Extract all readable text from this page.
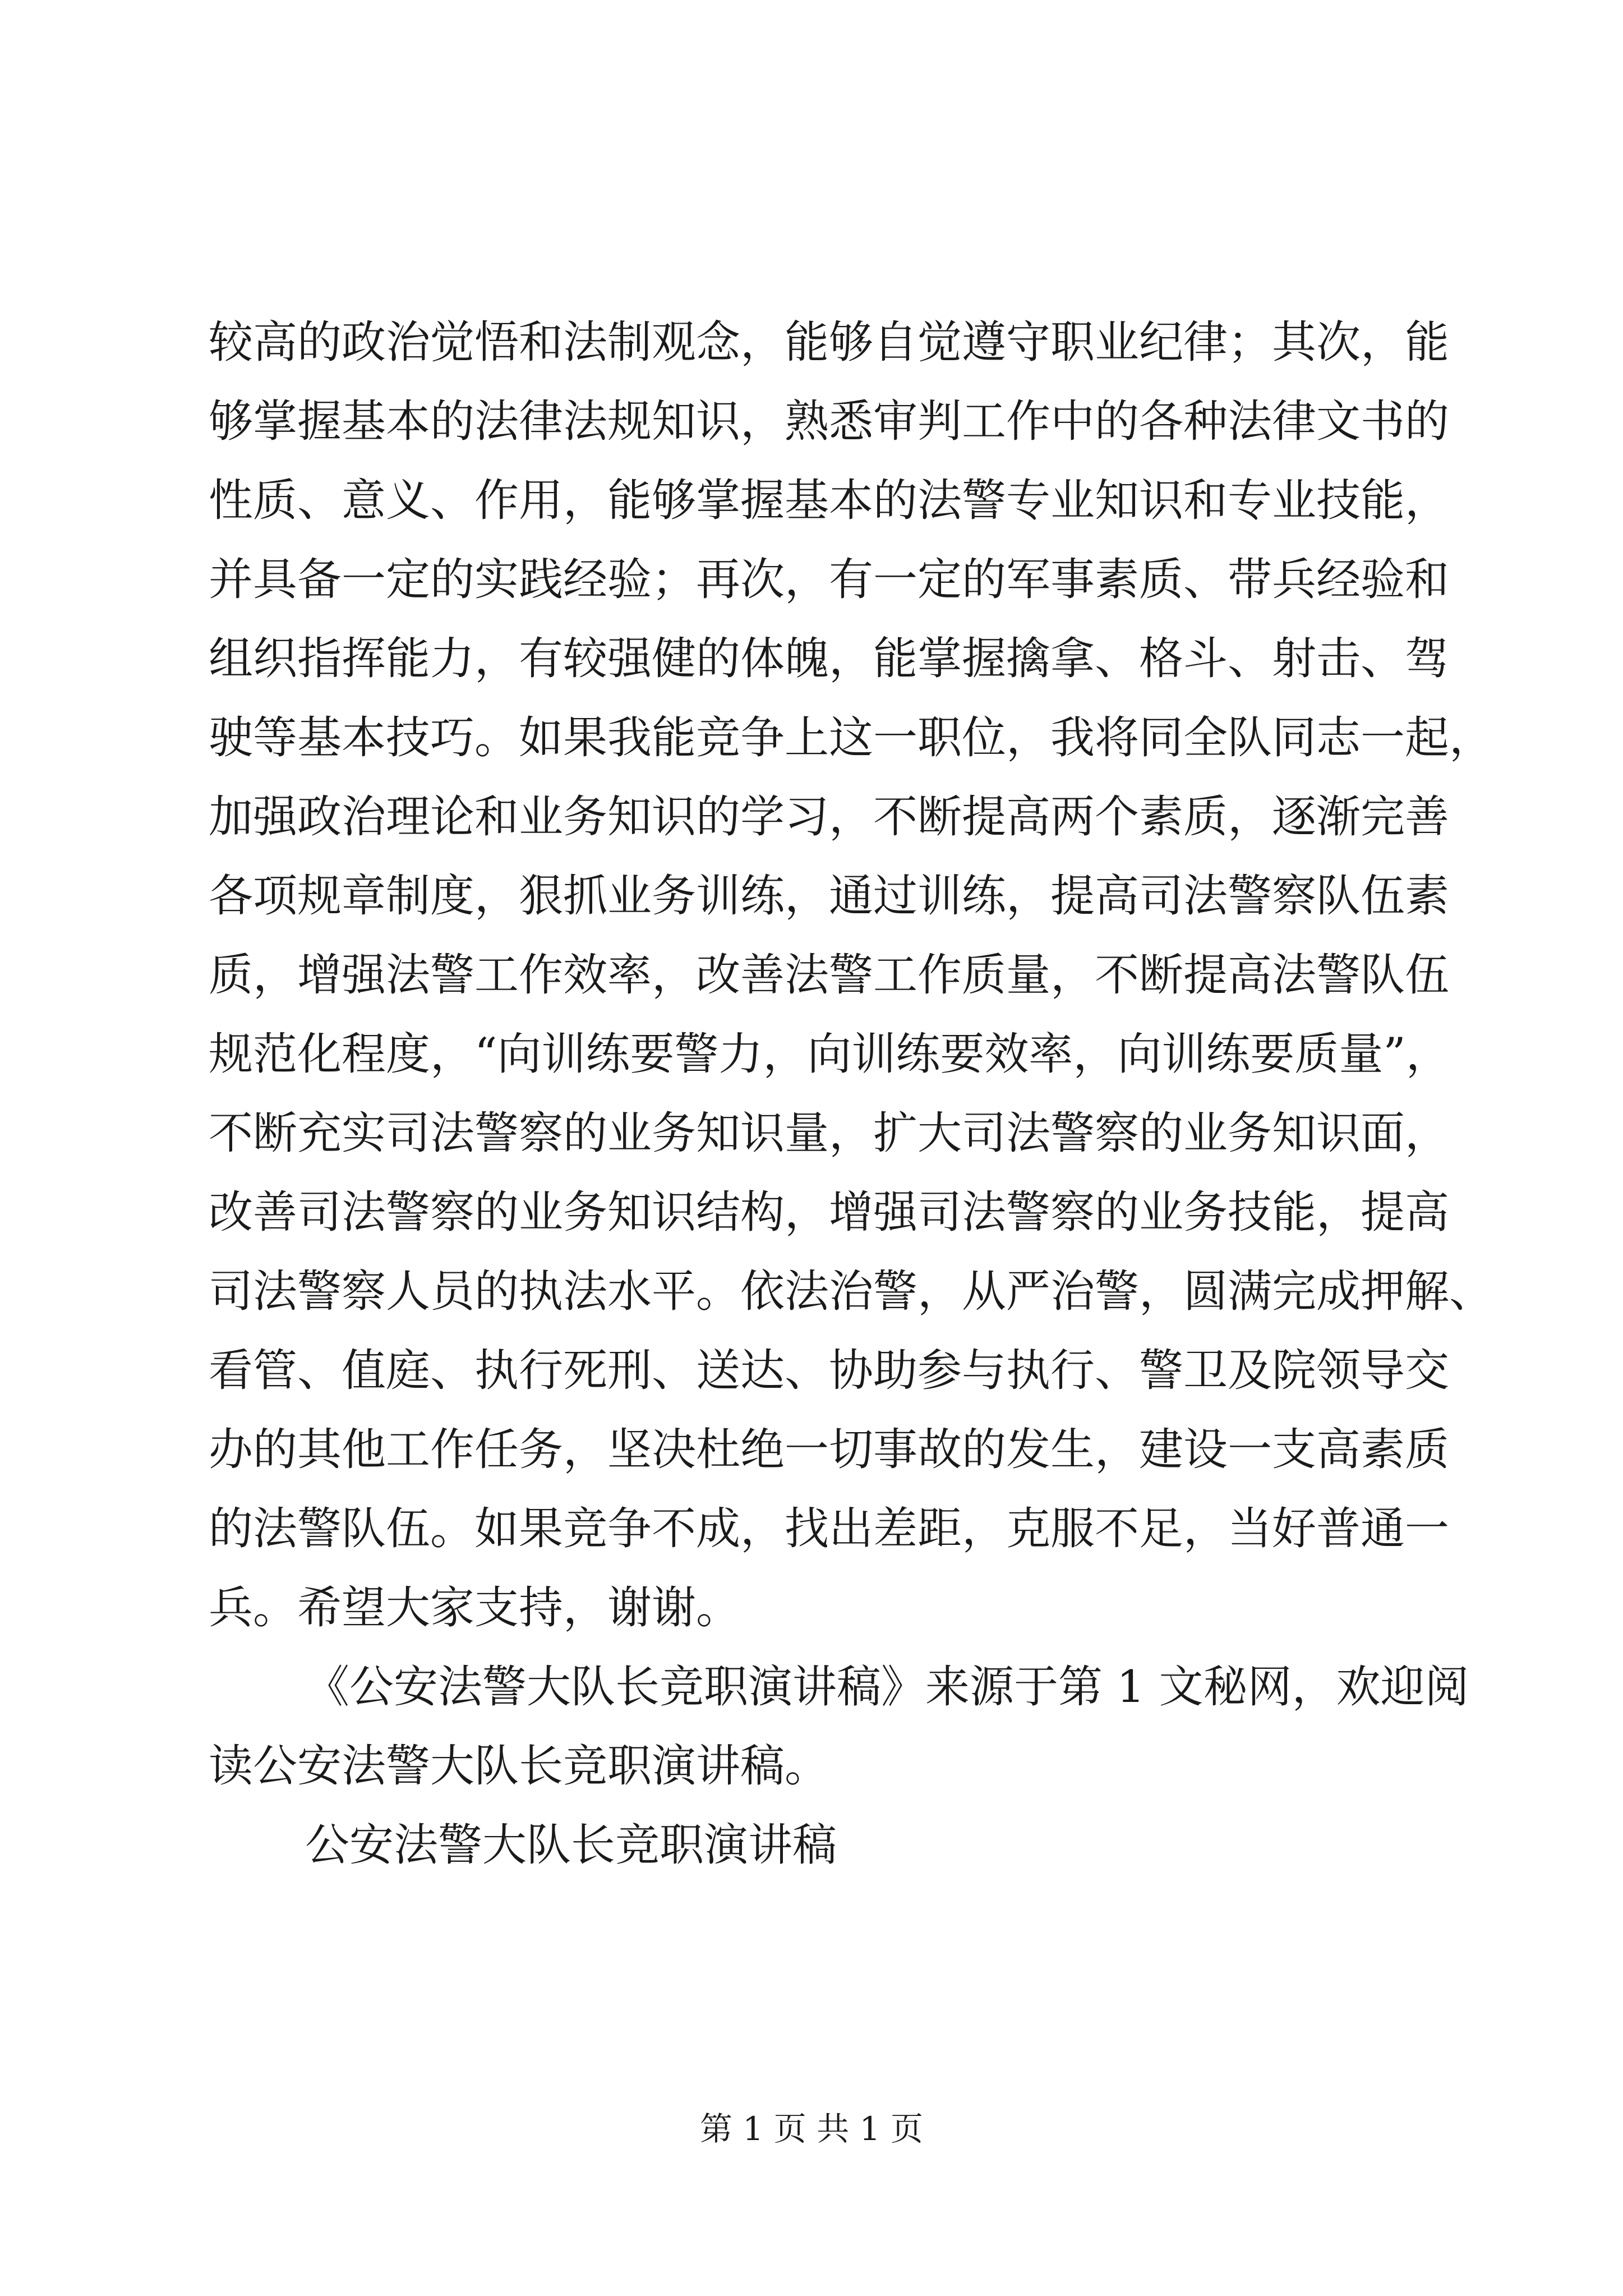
较高的政治觉悟和法制观念，能够自觉遵守职业纪律；其次，能
够掌握基本的法律法规知识，熟悉审判工作中的各种法律文书的
性质、意义、作用，能够掌握基本的法警专业知识和专业技能，
并具备一定的实践经验；再次，有一定的军事素质、带兵经验和
组织指挥能力，有较强健的体魄，能掌握擒拿、格斗、射击、驾
驶等基本技巧。如果我能竞争上这一职位，我将同全队同志一起，
加强政治理论和业务知识的学习，不断提高两个素质，逐渐完善
各项规章制度，狠抓业务训练，通过训练，提高司法警察队伍素
质，增强法警工作效率，改善法警工作质量，不断提高法警队伍
规范化程度，“向训练要警力，向训练要效率，向训练要质量”，
不断充实司法警察的业务知识量，扩大司法警察的业务知识面，
改善司法警察的业务知识结构，增强司法警察的业务技能，提高
司法警察人员的执法水平。依法治警，从严治警，圆满完成押解、
看管、值庭、执行死刑、送达、协助参与执行、警卫及院领导交
办的其他工作任务，坚决杜绝一切事故的发生，建设一支高素质
的法警队伍。如果竞争不成，找出差距，克服不足，当好普通一
兵。希望大家支持，谢谢。
《公安法警大队长竞职演讲稿》来源于第 1 文秘网，欢迎阅
读公安法警大队长竞职演讲稿。
公安法警大队长竞职演讲稿
第 1 页 共 1 页
